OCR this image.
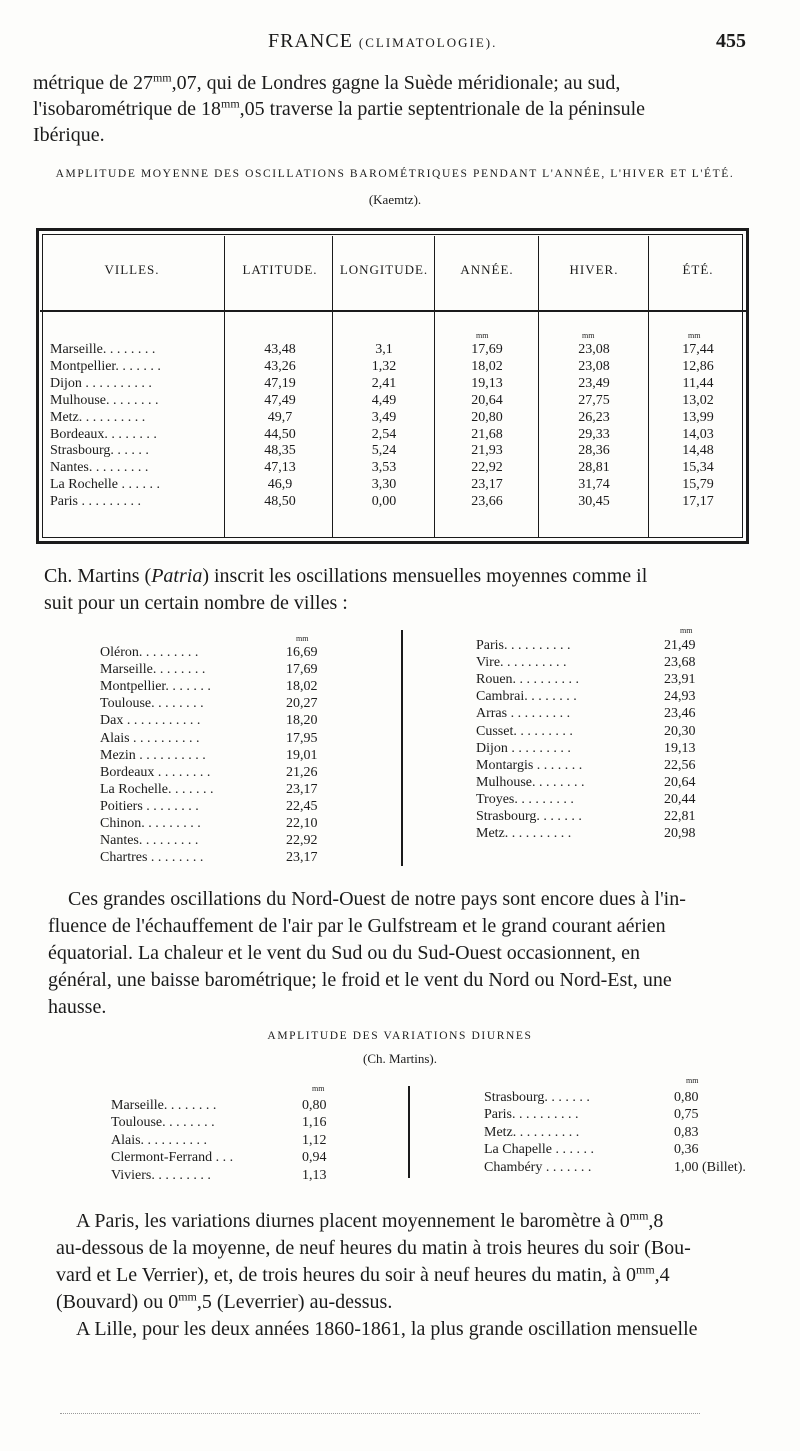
FRANCE (CLIMATOLOGIE).	455

métrique de $27^{mm},07$, qui de Londres gagne la Suède méridionale; au sud,

l'isobarométrique de $18^{mm},05$ traverse la partie septentrionale de la péninsule

Ibérique.

AMPLITUDE MOYENNE DES OSCILLATIONS BAROMÉTRIQUES PENDANT L'ANNÉE, L'HIVER ET L'ÉTÉ.
(Kaemtz).
VILLES.	LATITUDE.	LONGITUDE.	ANNÉE.	HIVER.	ÉTÉ.
mm	mm	mm
Marseille. . . . . . . .	43,48	3,1	17,69	23,08	17,44
Montpellier. . . . . . .	43,26	1,32	18,02	23,08	12,86
Dijon . . . . . . . . . .	47,19	2,41	19,13	23,49	11,44
Mulhouse. . . . . . . .	47,49	4,49	20,64	27,75	13,02
Metz. . . . . . . . . .	49,7	3,49	20,80	26,23	13,99
Bordeaux. . . . . . . .	44,50	2,54	21,68	29,33	14,03
Strasbourg. . . . . .	48,35	5,24	21,93	28,36	14,48
Nantes. . . . . . . . .	47,13	3,53	22,92	28,81	15,34
La Rochelle . . . . . .	46,9	3,30	23,17	31,74	15,79
Paris . . . . . . . . .	48,50	0,00	23,66	30,45	17,17

Ch. Martins (Patria) inscrit les oscillations mensuelles moyennes comme il

suit pour un certain nombre de villes :

mm
mm
Oléron. . . . . . . . .	16,69
Marseille. . . . . . . .	17,69
Montpellier. . . . . . .	18,02
Toulouse. . . . . . . .	20,27
Dax . . . . . . . . . . .	18,20
Alais . . . . . . . . . .	17,95
Mezin . . . . . . . . . .	19,01
Bordeaux . . . . . . . .	21,26
La Rochelle. . . . . . .	23,17
Poitiers . . . . . . . .	22,45
Chinon. . . . . . . . .	22,10
Nantes. . . . . . . . .	22,92
Chartres . . . . . . . .	23,17
Paris. . . . . . . . . .	21,49
Vire. . . . . . . . . .	23,68
Rouen. . . . . . . . . .	23,91
Cambrai. . . . . . . .	24,93
Arras . . . . . . . . .	23,46
Cusset. . . . . . . . .	20,30
Dijon . . . . . . . . .	19,13
Montargis . . . . . . .	22,56
Mulhouse. . . . . . . .	20,64
Troyes. . . . . . . . .	20,44
Strasbourg. . . . . . .	22,81
Metz. . . . . . . . . .	20,98

Ces grandes oscillations du Nord-Ouest de notre pays sont encore dues à l'in-

fluence de l'échauffement de l'air par le Gulfstream et le grand courant aérien

équatorial. La chaleur et le vent du Sud ou du Sud-Ouest occasionnent, en

général, une baisse barométrique; le froid et le vent du Nord ou Nord-Est, une

hausse.

AMPLITUDE DES VARIATIONS DIURNES
(Ch. Martins).
mm
mm
Marseille. . . . . . . .	0,80
Toulouse. . . . . . . .	1,16
Alais. . . . . . . . . .	1,12
Clermont-Ferrand . . .	0,94
Viviers. . . . . . . . .	1,13
Strasbourg. . . . . . .	0,80
Paris. . . . . . . . . .	0,75
Metz. . . . . . . . . .	0,83
La Chapelle . . . . . .	0,36
Chambéry . . . . . . .	1,00 (Billet).

A Paris, les variations diurnes placent moyennement le baromètre à $0^{mm},8$

au-dessous de la moyenne, de neuf heures du matin à trois heures du soir (Bou-

vard et Le Verrier), et, de trois heures du soir à neuf heures du matin, à $0^{mm},4$

(Bouvard) ou $0^{mm},5$ (Leverrier) au-dessus.

A Lille, pour les deux années 1860-1861, la plus grande oscillation mensuelle
